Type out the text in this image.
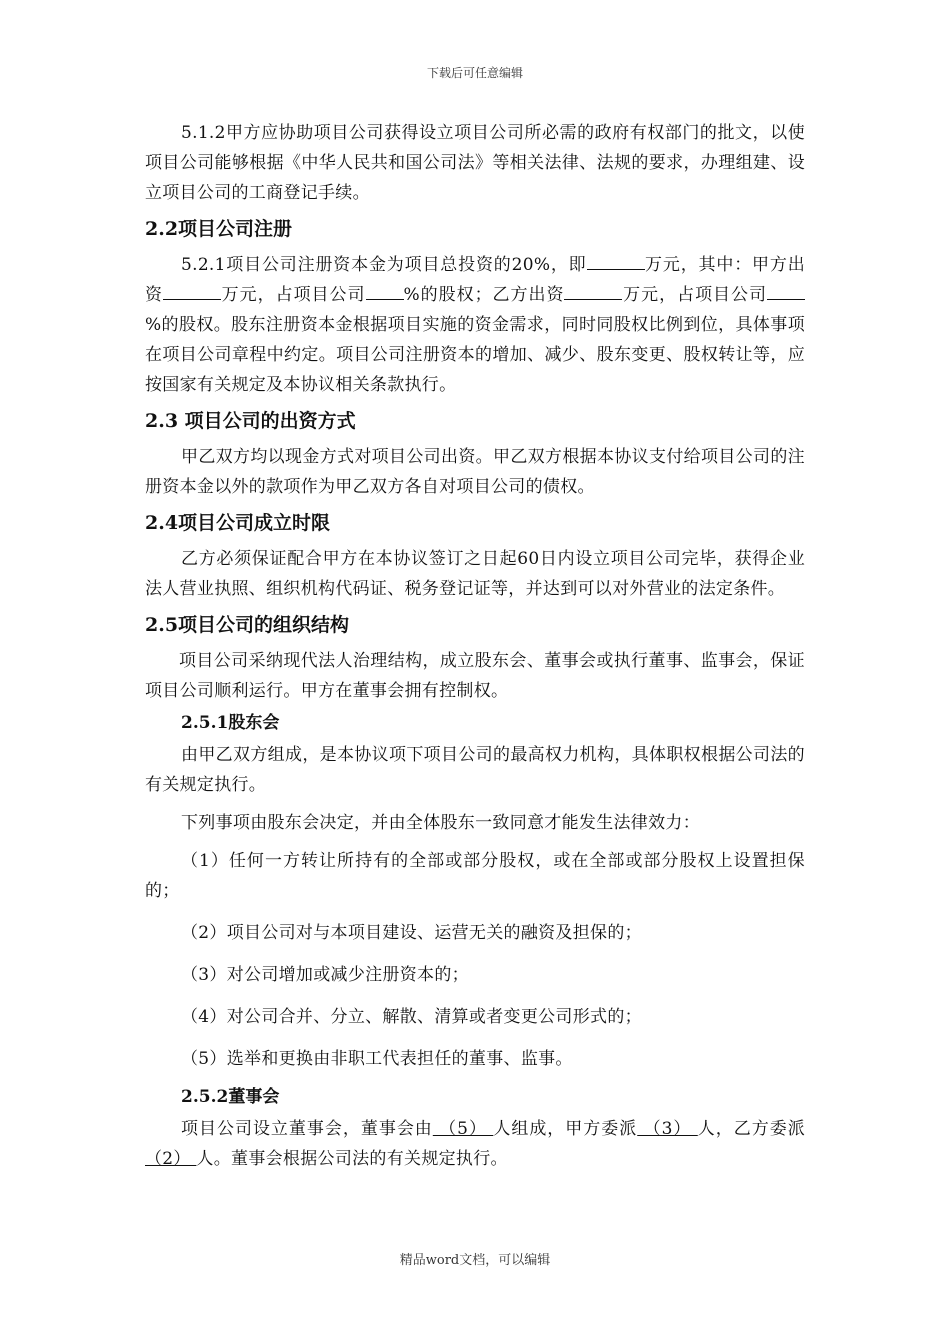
下载后可任意编辑

5.1.2甲方应协助项目公司获得设立项目公司所必需的政府有权部门的批文，以使项目公司能够根据《中华人民共和国公司法》等相关法律、法规的要求，办理组建、设立项目公司的工商登记手续。

2.2项目公司注册

5.2.1项目公司注册资本金为项目总投资的20%，即	万元，其中：甲方出资	万元，占项目公司 %的股权；乙方出资	万元，占项目公司 %的股权。股东注册资本金根据项目实施的资金需求，同时同股权比例到位，具体事项在项目公司章程中约定。项目公司注册资本的增加、减少、股东变更、股权转让等，应按国家有关规定及本协议相关条款执行。

2.3 项目公司的出资方式

甲乙双方均以现金方式对项目公司出资。甲乙双方根据本协议支付给项目公司的注册资本金以外的款项作为甲乙双方各自对项目公司的债权。

2.4项目公司成立时限

乙方必须保证配合甲方在本协议签订之日起60日内设立项目公司完毕，获得企业法人营业执照、组织机构代码证、税务登记证等，并达到可以对外营业的法定条件。

2.5项目公司的组织结构

项目公司采纳现代法人治理结构，成立股东会、董事会或执行董事、监事会，保证项目公司顺利运行。甲方在董事会拥有控制权。

2.5.1股东会

由甲乙双方组成，是本协议项下项目公司的最高权力机构，具体职权根据公司法的有关规定执行。

下列事项由股东会决定，并由全体股东一致同意才能发生法律效力：

（1）任何一方转让所持有的全部或部分股权，或在全部或部分股权上设置担保的；

（2）项目公司对与本项目建设、运营无关的融资及担保的；

（3）对公司增加或减少注册资本的；

（4）对公司合并、分立、解散、清算或者变更公司形式的；

（5）选举和更换由非职工代表担任的董事、监事。

2.5.2董事会

项目公司设立董事会，董事会由 （5） 人组成，甲方委派 （3） 人，乙方委派 （2） 人。董事会根据公司法的有关规定执行。

精品word文档，可以编辑
